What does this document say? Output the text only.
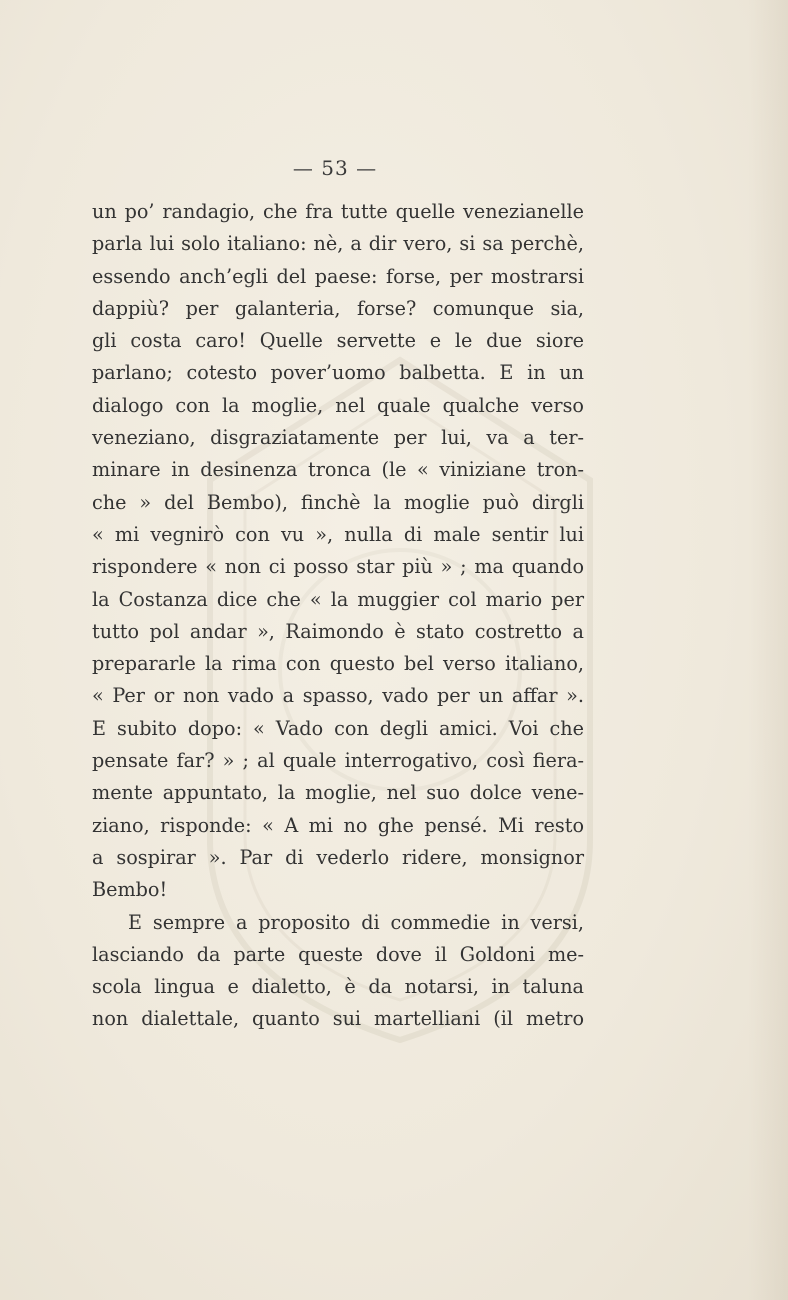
— 53 —
un po’ randagio, che fra tutte quelle venezianelle
parla lui solo italiano: nè, a dir vero, si sa perchè,
essendo anch’egli del paese: forse, per mostrarsi
dappiù? per galanteria, forse? comunque sia,
gli costa caro! Quelle servette e le due siore
parlano; cotesto pover’uomo balbetta. E in un
dialogo con la moglie, nel quale qualche verso
veneziano, disgraziatamente per lui, va a ter-
minare in desinenza tronca (le « viniziane tron-
che » del Bembo), finchè la moglie può dirgli
« mi vegnirò con vu », nulla di male sentir lui
rispondere « non ci posso star più » ; ma quando
la Costanza dice che « la muggier col mario per
tutto pol andar », Raimondo è stato costretto a
prepararle la rima con questo bel verso italiano,
« Per or non vado a spasso, vado per un affar ».
E subito dopo: « Vado con degli amici. Voi che
pensate far? » ; al quale interrogativo, così fiera-
mente appuntato, la moglie, nel suo dolce vene-
ziano, risponde: « A mi no ghe pensé. Mi resto
a sospirar ». Par di vederlo ridere, monsignor
Bembo!
E sempre a proposito di commedie in versi,
lasciando da parte queste dove il Goldoni me-
scola lingua e dialetto, è da notarsi, in taluna
non dialettale, quanto sui martelliani (il metro
